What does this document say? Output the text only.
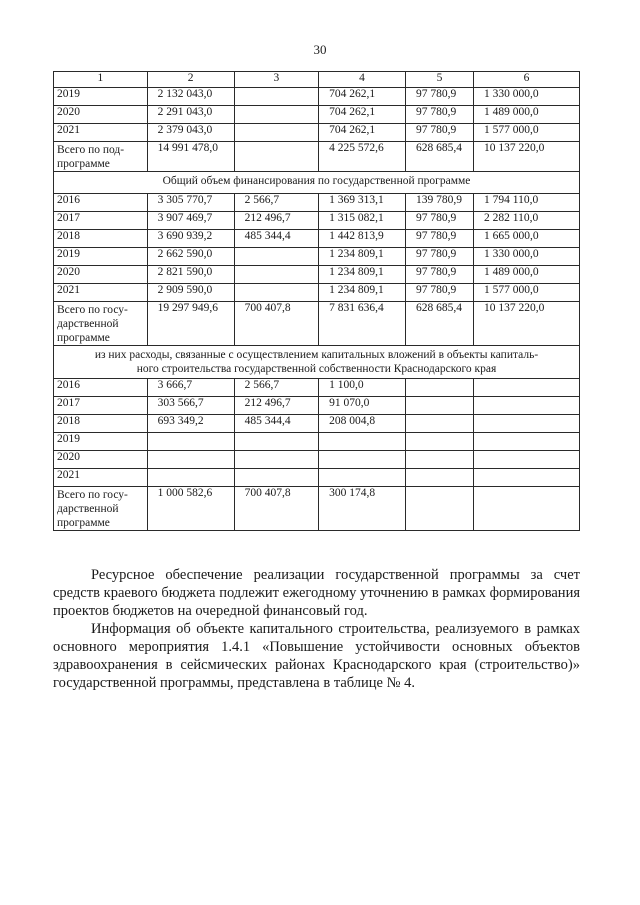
30
1	2	3	4	5	6
2019	2 132 043,0		704 262,1	97 780,9	1 330 000,0
2020	2 291 043,0		704 262,1	97 780,9	1 489 000,0
2021	2 379 043,0		704 262,1	97 780,9	1 577 000,0
Всего по под-
программе	14 991 478,0		4 225 572,6	628 685,4	10 137 220,0
Общий объем финансирования по государственной программе					
2016	3 305 770,7	2 566,7	1 369 313,1	139 780,9	1 794 110,0
2017	3 907 469,7	212 496,7	1 315 082,1	97 780,9	2 282 110,0
2018	3 690 939,2	485 344,4	1 442 813,9	97 780,9	1 665 000,0
2019	2 662 590,0		1 234 809,1	97 780,9	1 330 000,0
2020	2 821 590,0		1 234 809,1	97 780,9	1 489 000,0
2021	2 909 590,0		1 234 809,1	97 780,9	1 577 000,0
Всего по госу-
дарственной
программе	19 297 949,6	700 407,8	7 831 636,4	628 685,4	10 137 220,0
из них расходы, связанные с осуществлением капитальных вложений в объекты капиталь-
ного строительства государственной собственности Краснодарского края					
2016	3 666,7	2 566,7	1 100,0		
2017	303 566,7	212 496,7	91 070,0		
2018	693 349,2	485 344,4	208 004,8		
2019					
2020					
2021					
Всего по госу-
дарственной
программе	1 000 582,6	700 407,8	300 174,8		
Ресурсное обеспечение реализации государственной программы за счет средств краевого бюджета подлежит ежегодному уточнению в рамках формирования проектов бюджетов на очередной финансовый год.
Информация об объекте капитального строительства, реализуемого в рамках основного мероприятия 1.4.1 «Повышение устойчивости основных объектов здравоохранения в сейсмических районах Краснодарского края (строительство)» государственной программы, представлена в таблице № 4.
